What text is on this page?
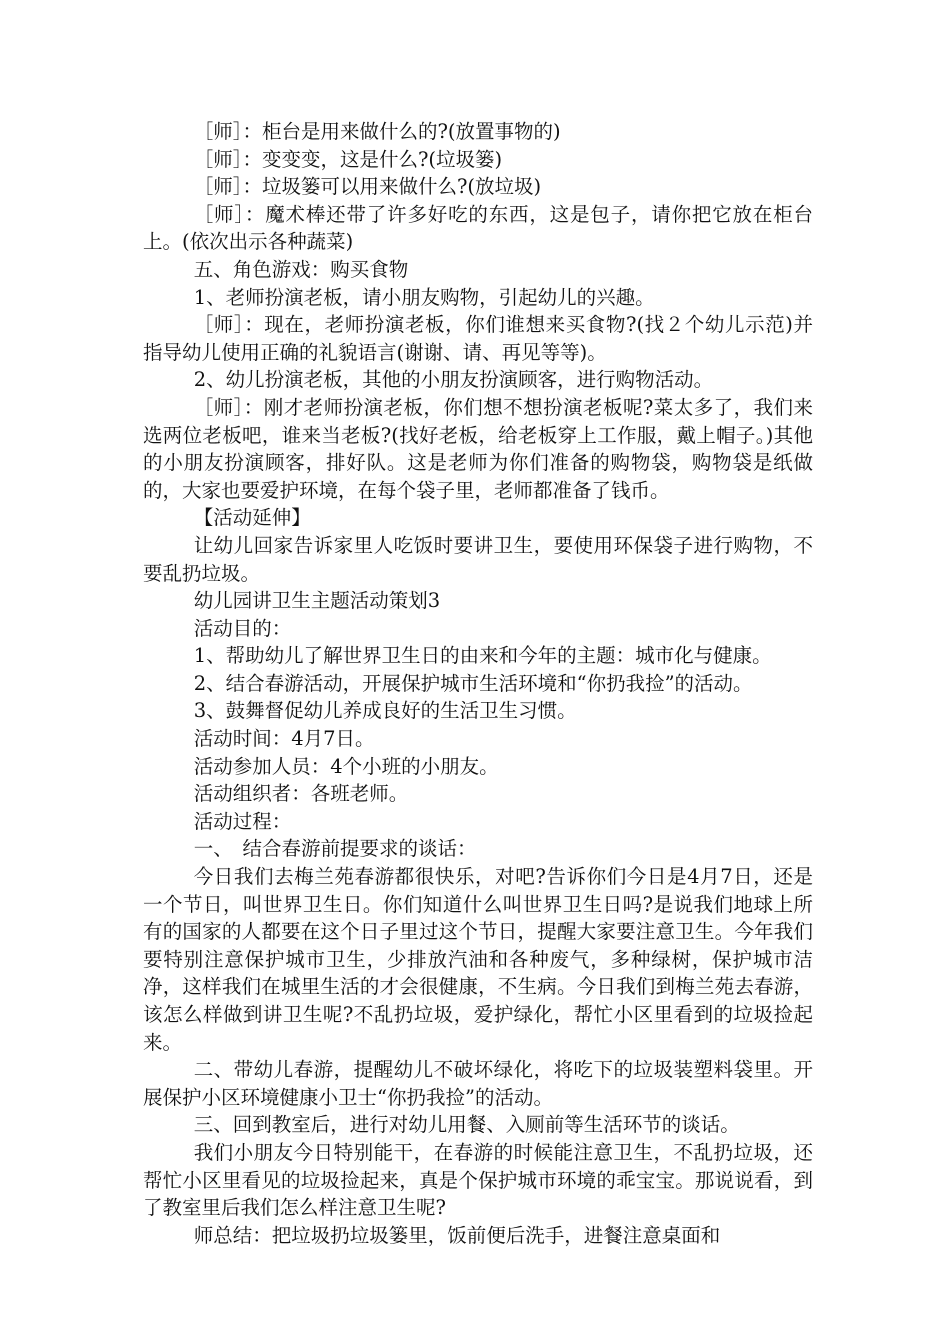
［师］：柜台是用来做什么的?(放置事物的)

［师］：变变变，这是什么?(垃圾篓)

［师］：垃圾篓可以用来做什么?(放垃圾)

［师］：魔术棒还带了许多好吃的东西，这是包子，请你把它放在柜台上。(依次出示各种蔬菜)

五、角色游戏：购买食物

1、老师扮演老板，请小朋友购物，引起幼儿的兴趣。

［师］：现在，老师扮演老板，你们谁想来买食物?(找２个幼儿示范)并指导幼儿使用正确的礼貌语言(谢谢、请、再见等等)。

2、幼儿扮演老板，其他的小朋友扮演顾客，进行购物活动。

［师］：刚才老师扮演老板，你们想不想扮演老板呢?菜太多了，我们来选两位老板吧，谁来当老板?(找好老板，给老板穿上工作服，戴上帽子。)其他的小朋友扮演顾客，排好队。这是老师为你们准备的购物袋，购物袋是纸做的，大家也要爱护环境，在每个袋子里，老师都准备了钱币。

【活动延伸】

让幼儿回家告诉家里人吃饭时要讲卫生，要使用环保袋子进行购物，不要乱扔垃圾。

幼儿园讲卫生主题活动策划3

活动目的：

1、帮助幼儿了解世界卫生日的由来和今年的主题：城市化与健康。

2、结合春游活动，开展保护城市生活环境和“你扔我捡”的活动。

3、鼓舞督促幼儿养成良好的生活卫生习惯。

活动时间：4月7日。

活动参加人员：4个小班的小朋友。

活动组织者：各班老师。

活动过程：

一、　结合春游前提要求的谈话：

今日我们去梅兰苑春游都很快乐，对吧?告诉你们今日是4月7日，还是一个节日，叫世界卫生日。你们知道什么叫世界卫生日吗?是说我们地球上所有的国家的人都要在这个日子里过这个节日，提醒大家要注意卫生。今年我们要特别注意保护城市卫生，少排放汽油和各种废气，多种绿树，保护城市洁净，这样我们在城里生活的才会很健康，不生病。今日我们到梅兰苑去春游，该怎么样做到讲卫生呢?不乱扔垃圾，爱护绿化，帮忙小区里看到的垃圾捡起来。

二、带幼儿春游，提醒幼儿不破坏绿化，将吃下的垃圾装塑料袋里。开展保护小区环境健康小卫士“你扔我捡”的活动。

三、回到教室后，进行对幼儿用餐、入厕前等生活环节的谈话。

我们小朋友今日特别能干，在春游的时候能注意卫生，不乱扔垃圾，还帮忙小区里看见的垃圾捡起来，真是个保护城市环境的乖宝宝。那说说看，到了教室里后我们怎么样注意卫生呢?

师总结：把垃圾扔垃圾篓里，饭前便后洗手，进餐注意桌面和
